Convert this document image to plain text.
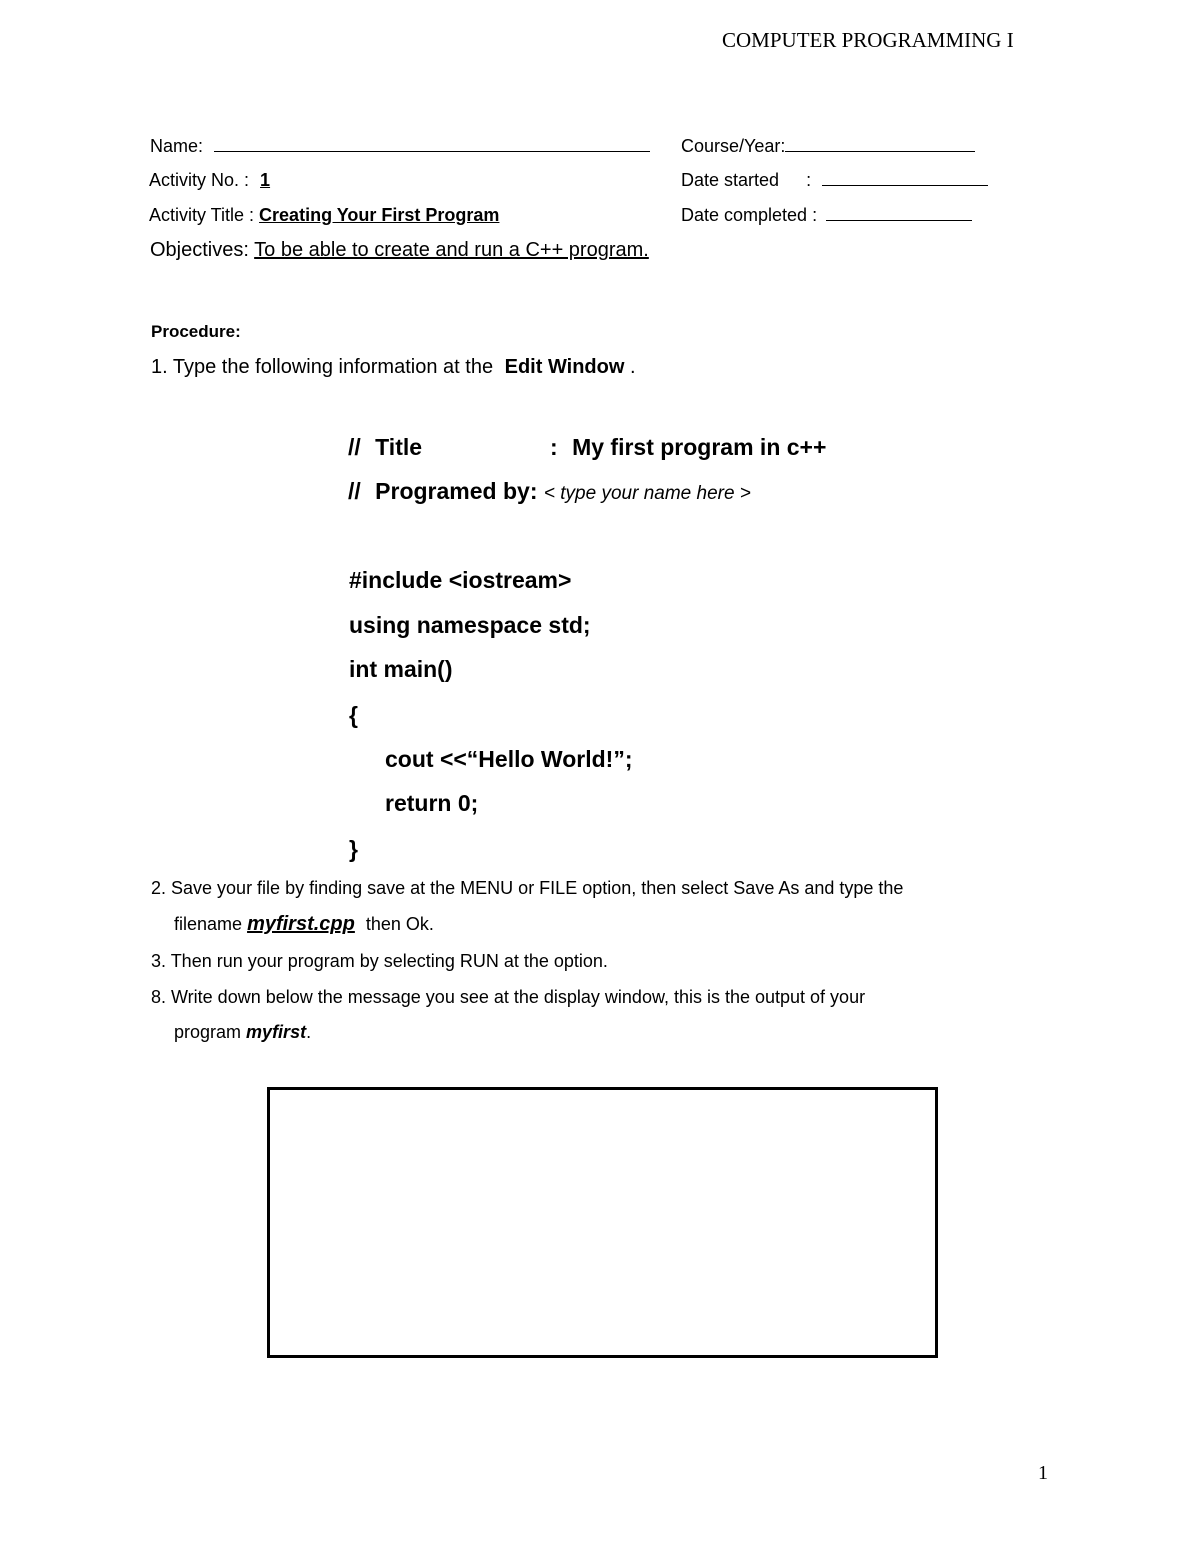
COMPUTER PROGRAMMING I
Name:	Course/Year:
Activity No. : 1	Date started :
Activity Title : Creating Your First Program	Date completed :
Objectives: To be able to create and run a C++ program.
Procedure:
1. Type the following information at the Edit Window .
// Title	: My first program in c++
// Programed by: < type your name here >
#include <iostream>
using namespace std;
int main()
{
cout <<“Hello World!”;
return 0;
}
2. Save your file by finding save at the MENU or FILE option, then select Save As and type the
filename myfirst.cpp then Ok.
3. Then run your program by selecting RUN at the option.
8. Write down below the message you see at the display window, this is the output of your
program myfirst.
1
